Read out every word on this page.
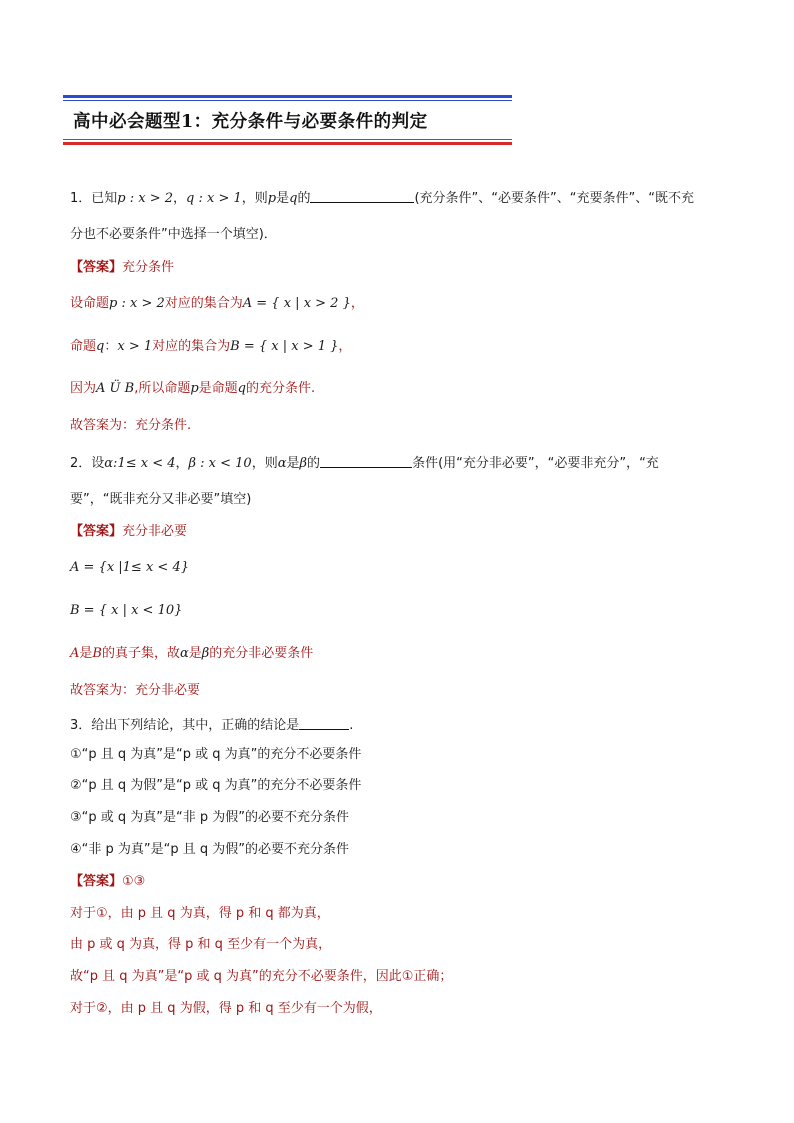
高中必会题型1：充分条件与必要条件的判定
1．已知p : x > 2，q : x > 1，则p是q的	(充分条件”、“必要条件”、“充要条件”、“既不充
分也不必要条件”中选择一个填空)．
【答案】充分条件
设命题p : x > 2对应的集合为A = { x | x > 2 }，
命题q：x > 1对应的集合为B = { x | x > 1 }，
因为A Ü B,所以命题p是命题q的充分条件.
故答案为：充分条件.
2．设α:1≤ x < 4，β : x < 10，则α是β的	条件(用“充分非必要”，“必要非充分”，“充
要”，“既非充分又非必要”填空)
【答案】充分非必要
A = {x |1≤ x < 4}
B = { x | x < 10}
A是B的真子集，故α是β的充分非必要条件
故答案为：充分非必要
3．给出下列结论，其中，正确的结论是	.
①“p 且 q 为真”是“p 或 q 为真”的充分不必要条件
②“p 且 q 为假”是“p 或 q 为真”的充分不必要条件
③“p 或 q 为真”是“非 p 为假”的必要不充分条件
④“非 p 为真”是“p 且 q 为假”的必要不充分条件
【答案】①③
对于①，由 p 且 q 为真，得 p 和 q 都为真，
由 p 或 q 为真，得 p 和 q 至少有一个为真，
故“p 且 q 为真”是“p 或 q 为真”的充分不必要条件，因此①正确；
对于②，由 p 且 q 为假，得 p 和 q 至少有一个为假，
